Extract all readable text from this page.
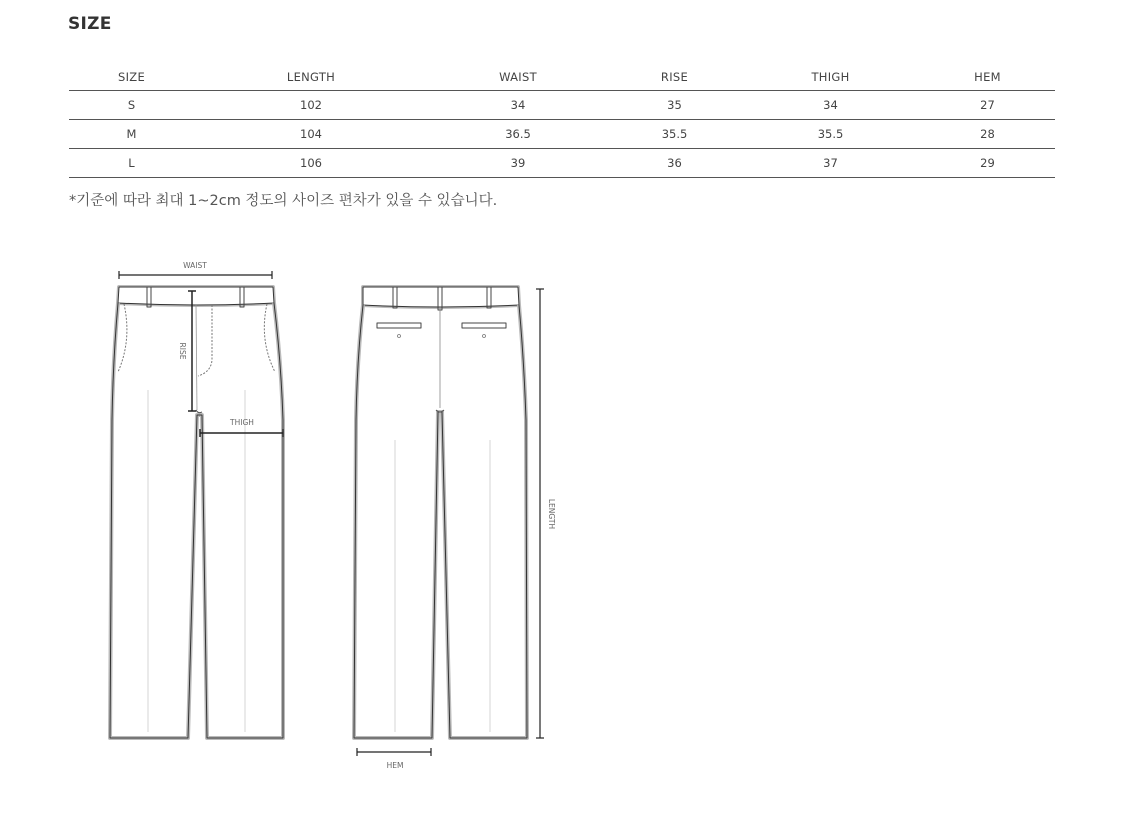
SIZE
SIZE	LENGTH	WAIST	RISE	THIGH	HEM
S	102	34	35	34	27
M	104	36.5	35.5	35.5	28
L	106	39	36	37	29
*기준에 따라 최대 1~2cm 정도의 사이즈 편차가 있을 수 있습니다.
WAIST
RISE
THIGH
LENGTH
HEM
